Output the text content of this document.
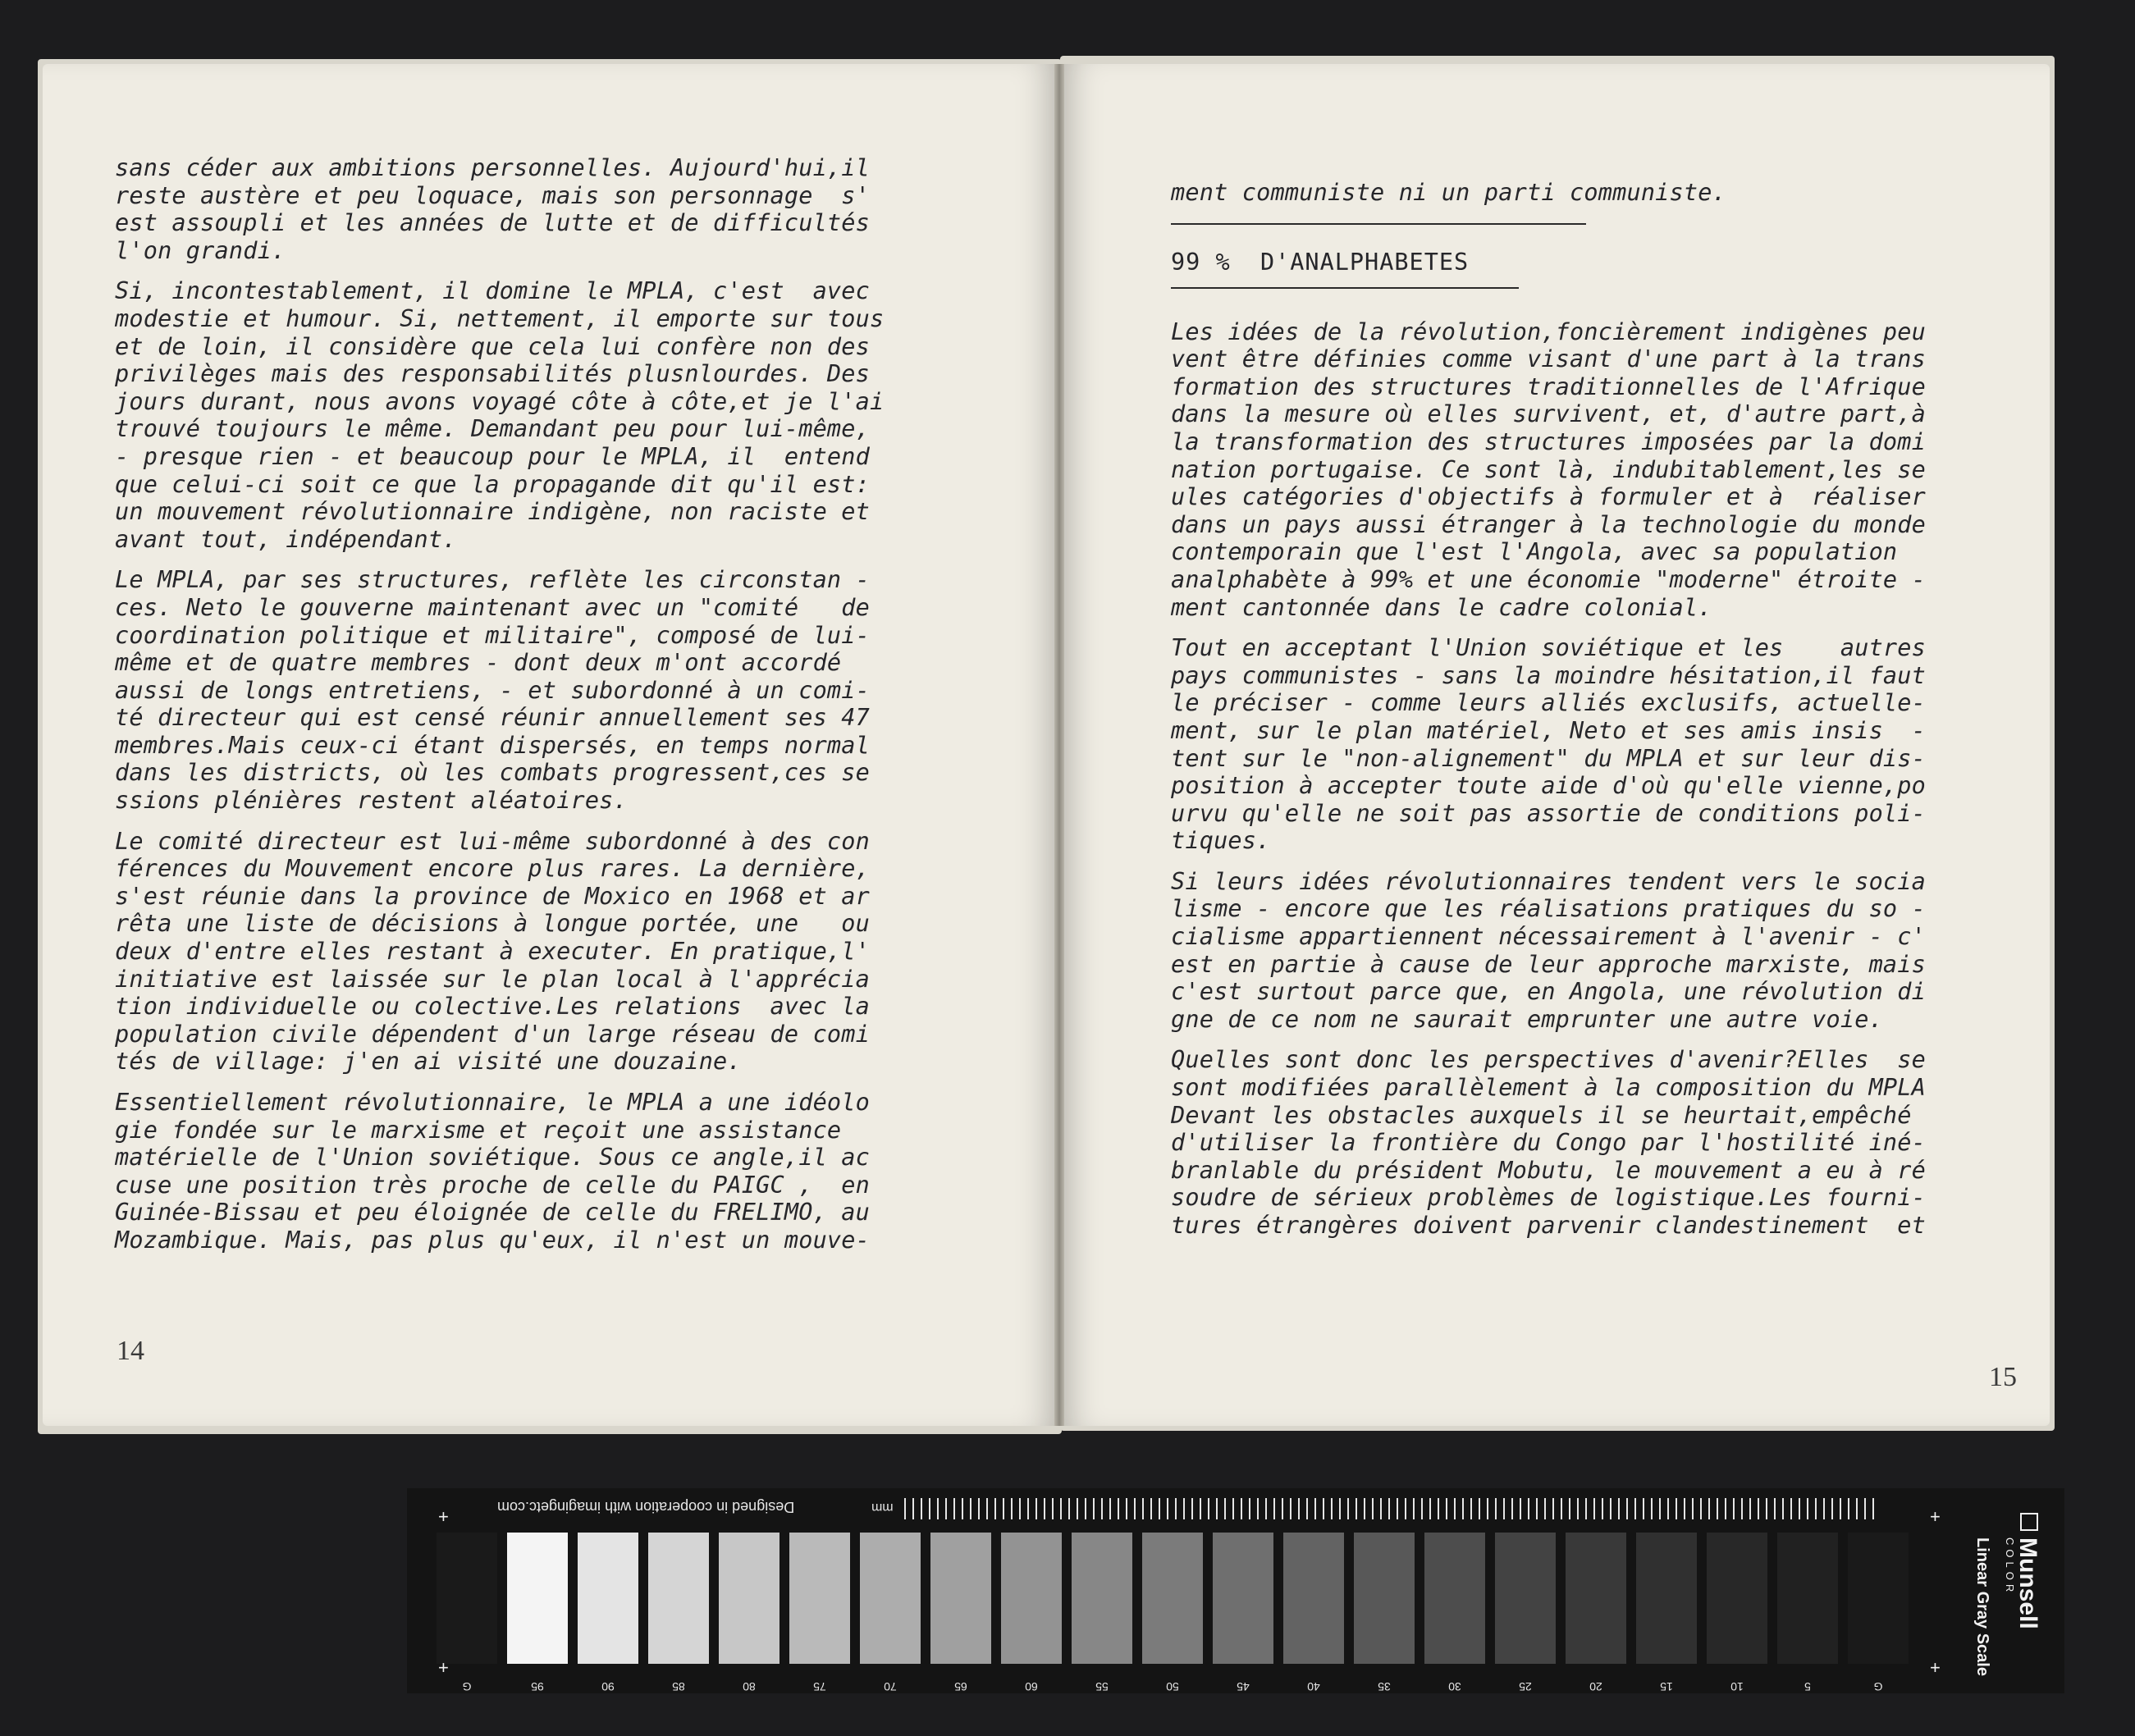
sans céder aux ambitions personnelles. Aujourd'hui,il
reste austère et peu loquace, mais son personnage  s'
est assoupli et les années de lutte et de difficultés
l'on grandi.
Si, incontestablement, il domine le MPLA, c'est  avec
modestie et humour. Si, nettement, il emporte sur tous
et de loin, il considère que cela lui confère non des
privilèges mais des responsabilités plusnlourdes. Des
jours durant, nous avons voyagé côte à côte,et je l'ai
trouvé toujours le même. Demandant peu pour lui-même,
- presque rien - et beaucoup pour le MPLA, il  entend
que celui-ci soit ce que la propagande dit qu'il est:
un mouvement révolutionnaire indigène, non raciste et
avant tout, indépendant.
Le MPLA, par ses structures, reflète les circonstan -
ces. Neto le gouverne maintenant avec un "comité   de
coordination politique et militaire", composé de lui-
même et de quatre membres - dont deux m'ont accordé
aussi de longs entretiens, - et subordonné à un comi-
té directeur qui est censé réunir annuellement ses 47
membres.Mais ceux-ci étant dispersés, en temps normal
dans les districts, où les combats progressent,ces se
ssions plénières restent aléatoires.
Le comité directeur est lui-même subordonné à des con
férences du Mouvement encore plus rares. La dernière,
s'est réunie dans la province de Moxico en 1968 et ar
rêta une liste de décisions à longue portée, une   ou
deux d'entre elles restant à executer. En pratique,l'
initiative est laissée sur le plan local à l'apprécia
tion individuelle ou colective.Les relations  avec la
population civile dépendent d'un large réseau de comi
tés de village: j'en ai visité une douzaine.
Essentiellement révolutionnaire, le MPLA a une idéolo
gie fondée sur le marxisme et reçoit une assistance
matérielle de l'Union soviétique. Sous ce angle,il ac
cuse une position très proche de celle du PAIGC ,  en
Guinée-Bissau et peu éloignée de celle du FRELIMO, au
Mozambique. Mais, pas plus qu'eux, il n'est un mouve-
14
ment communiste ni un parti communiste.
99 %  D'ANALPHABETES
Les idées de la révolution,foncièrement indigènes peu
vent être définies comme visant d'une part à la trans
formation des structures traditionnelles de l'Afrique
dans la mesure où elles survivent, et, d'autre part,à
la transformation des structures imposées par la domi
nation portugaise. Ce sont là, indubitablement,les se
ules catégories d'objectifs à formuler et à  réaliser
dans un pays aussi étranger à la technologie du monde
contemporain que l'est l'Angola, avec sa population
analphabète à 99% et une économie "moderne" étroite -
ment cantonnée dans le cadre colonial.
Tout en acceptant l'Union soviétique et les    autres
pays communistes - sans la moindre hésitation,il faut
le préciser - comme leurs alliés exclusifs, actuelle-
ment, sur le plan matériel, Neto et ses amis insis  -
tent sur le "non-alignement" du MPLA et sur leur dis-
position à accepter toute aide d'où qu'elle vienne,po
urvu qu'elle ne soit pas assortie de conditions poli-
tiques.
Si leurs idées révolutionnaires tendent vers le socia
lisme - encore que les réalisations pratiques du so -
cialisme appartiennent nécessairement à l'avenir - c'
est en partie à cause de leur approche marxiste, mais
c'est surtout parce que, en Angola, une révolution di
gne de ce nom ne saurait emprunter une autre voie.
Quelles sont donc les perspectives d'avenir?Elles  se
sont modifiées parallèlement à la composition du MPLA
Devant les obstacles auxquels il se heurtait,empêché
d'utiliser la frontière du Congo par l'hostilité iné-
branlable du président Mobutu, le mouvement a eu à ré
soudre de sérieux problèmes de logistique.Les fourni-
tures étrangères doivent parvenir clandestinement  et
15
Designed in cooperation with imagingetc.com	mm
G	95	90	85	80	75	70	65	60	55	50	45	40	35	30	25	20	15	10	5	G
+
+
+
+
Munsell
COLOR
Linear Gray Scale
